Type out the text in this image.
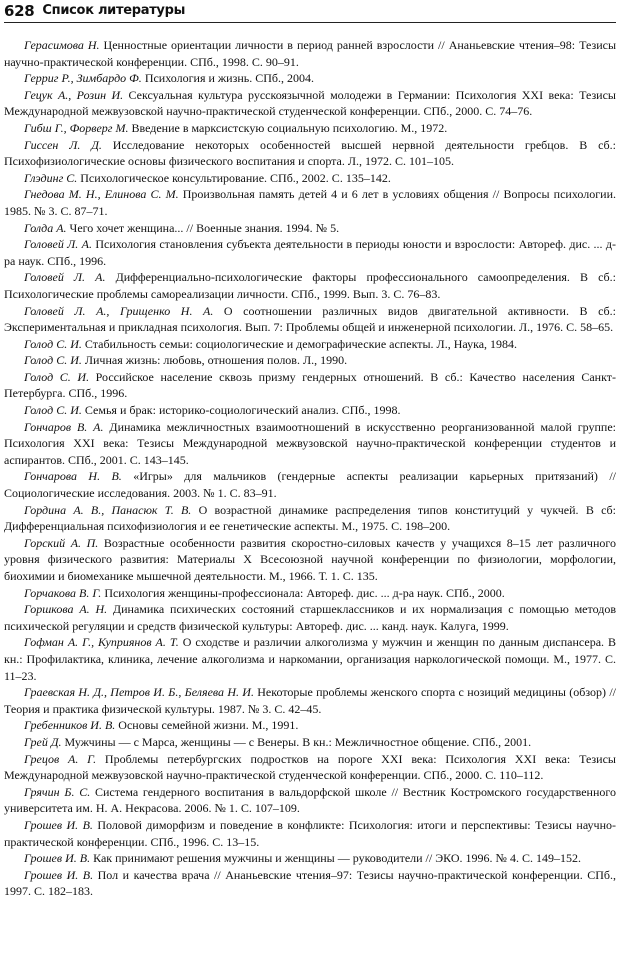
628 Список литературы

Герасимова Н. Ценностные ориентации личности в период ранней взрослости // Ананьевские чтения–98: Тезисы научно-практической конференции. СПб., 1998. С. 90–91.

Герриг Р., Зимбардо Ф. Психология и жизнь. СПб., 2004.

Гецук А., Розин И. Сексуальная культура русскоязычной молодежи в Германии: Психология XXI века: Тезисы Международной межвузовской научно-практической студенческой конференции. СПб., 2000. С. 74–76.

Гибш Г., Форверг М. Введение в марксистскую социальную психологию. М., 1972.

Гиссен Л. Д. Исследование некоторых особенностей высшей нервной деятельности гребцов. В сб.: Психофизиологические основы физического воспитания и спорта. Л., 1972. С. 101–105.

Глэдинг С. Психологическое консультирование. СПб., 2002. С. 135–142.

Гнедова М. Н., Елинова С. М. Произвольная память детей 4 и 6 лет в условиях общения // Вопросы психологии. 1985. № 3. С. 87–71.

Голда А. Чего хочет женщина... // Военные знания. 1994. № 5.

Головей Л. А. Психология становления субъекта деятельности в периоды юности и взрослости: Автореф. дис. ... д-ра наук. СПб., 1996.

Головей Л. А. Дифференциально-психологические факторы профессионального самоопределения. В сб.: Психологические проблемы самореализации личности. СПб., 1999. Вып. 3. С. 76–83.

Головей Л. А., Грищенко Н. А. О соотношении различных видов двигательной активности. В сб.: Экспериментальная и прикладная психология. Вып. 7: Проблемы общей и инженерной психологии. Л., 1976. С. 58–65.

Голод С. И. Стабильность семьи: социологические и демографические аспекты. Л., Наука, 1984.

Голод С. И. Личная жизнь: любовь, отношения полов. Л., 1990.

Голод С. И. Российское население сквозь призму гендерных отношений. В сб.: Качество населения Санкт-Петербурга. СПб., 1996.

Голод С. И. Семья и брак: историко-социологический анализ. СПб., 1998.

Гончаров В. А. Динамика межличностных взаимоотношений в искусственно реорганизованной малой группе: Психология XXI века: Тезисы Международной межвузовской научно-практической конференции студентов и аспирантов. СПб., 2001. С. 143–145.

Гончарова Н. В. «Игры» для мальчиков (гендерные аспекты реализации карьерных притязаний) // Социологические исследования. 2003. № 1. С. 83–91.

Гордина А. В., Панасюк Т. В. О возрастной динамике распределения типов конституций у чукчей. В сб: Дифференциальная психофизиология и ее генетические аспекты. М., 1975. С. 198–200.

Горский А. П. Возрастные особенности развития скоростно-силовых качеств у учащихся 8–15 лет различного уровня физического развития: Материалы X Всесоюзной научной конференции по физиологии, морфологии, биохимии и биомеханике мышечной деятельности. М., 1966. Т. 1. С. 135.

Горчакова В. Г. Психология женщины-профессионала: Автореф. дис. ... д-ра наук. СПб., 2000.

Горшкова А. Н. Динамика психических состояний старшеклассников и их нормализация с помощью методов психической регуляции и средств физической культуры: Автореф. дис. ... канд. наук. Калуга, 1999.

Гофман А. Г., Куприянов А. Т. О сходстве и различии алкоголизма у мужчин и женщин по данным диспансера. В кн.: Профилактика, клиника, лечение алкоголизма и наркомании, организация наркологической помощи. М., 1977. С. 11–23.

Граевская Н. Д., Петров И. Б., Беляева Н. И. Некоторые проблемы женского спорта с нозиций медицины (обзор) // Теория и практика физической культуры. 1987. № 3. С. 42–45.

Гребенников И. В. Основы семейной жизни. М., 1991.

Грей Д. Мужчины — с Марса, женщины — с Венеры. В кн.: Межличностное общение. СПб., 2001.

Грецов А. Г. Проблемы петербургских подростков на пороге XXI века: Психология XXI века: Тезисы Международной межвузовской научно-практической студенческой конференции. СПб., 2000. С. 110–112.

Грячин Б. С. Система гендерного воспитания в вальдорфской школе // Вестник Костромского государственного университета им. Н. А. Некрасова. 2006. № 1. С. 107–109.

Грошев И. В. Половой диморфизм и поведение в конфликте: Психология: итоги и перспективы: Тезисы научно-практической конференции. СПб., 1996. С. 13–15.

Грошев И. В. Как принимают решения мужчины и женщины — руководители // ЭКО. 1996. № 4. С. 149–152.

Грошев И. В. Пол и качества врача // Ананьевские чтения–97: Тезисы научно-практической конференции. СПб., 1997. С. 182–183.
